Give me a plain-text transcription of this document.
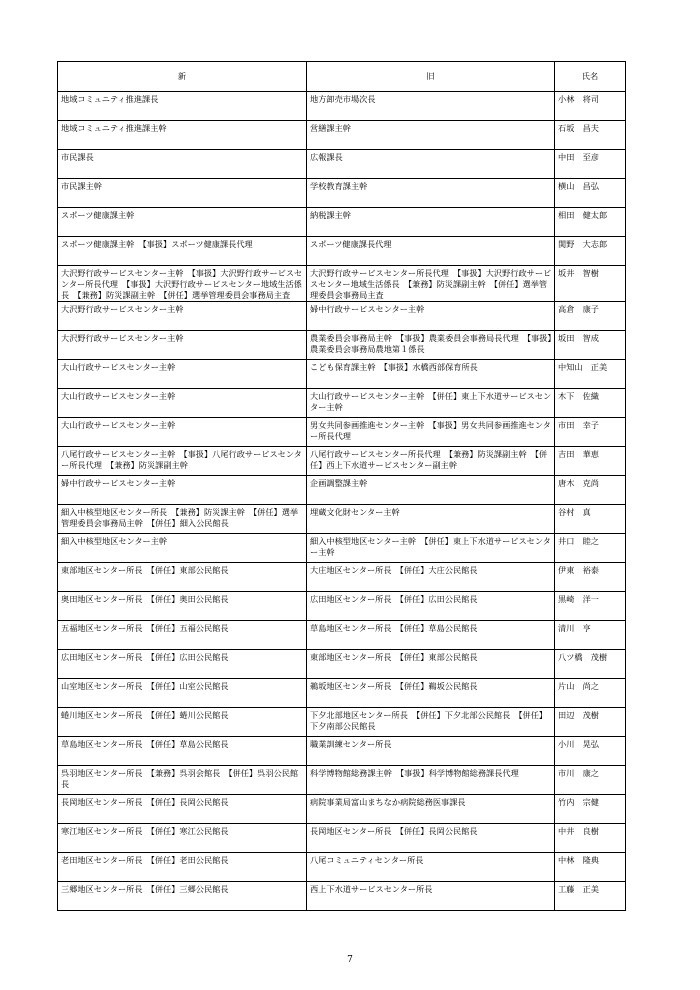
新	旧	氏名
地域コミュニティ推進課長	地方卸売市場次長	小林　将司
地域コミュニティ推進課主幹	営繕課主幹	石坂　昌夫
市民課長	広報課長	中田　至彦
市民課主幹	学校教育課主幹	横山　昌弘
スポーツ健康課主幹	納税課主幹	相田　健太郎
スポーツ健康課主幹　【事扱】スポーツ健康課長代理	スポーツ健康課長代理	関野　大志郎
大沢野行政サービスセンター主幹　【事扱】大沢野行政サービスセンター所長代理　【事扱】大沢野行政サービスセンター地域生活係長　【兼務】防災課副主幹　【併任】選挙管理委員会事務局主査	大沢野行政サービスセンター所長代理　【事扱】大沢野行政サービスセンター地域生活係長　【兼務】防災課副主幹　【併任】選挙管理委員会事務局主査	坂井　智樹
大沢野行政サービスセンター主幹	婦中行政サービスセンター主幹	高倉　康子
大沢野行政サービスセンター主幹	農業委員会事務局主幹　【事扱】農業委員会事務局長代理　【事扱】農業委員会事務局農地第１係長	坂田　智成
大山行政サービスセンター主幹	こども保育課主幹　【事扱】水橋西部保育所長	中知山　正美
大山行政サービスセンター主幹	大山行政サービスセンター主幹　【併任】東上下水道サービスセンター主幹	木下　佐織
大山行政サービスセンター主幹	男女共同参画推進センター主幹　【事扱】男女共同参画推進センター所長代理	市田　幸子
八尾行政サービスセンター主幹　【事扱】八尾行政サービスセンター所長代理　【兼務】防災課副主幹	八尾行政サービスセンター所長代理　【兼務】防災課副主幹　【併任】西上下水道サービスセンター副主幹	吉田　華恵
婦中行政サービスセンター主幹	企画調整課主幹	唐木　克尚
細入中核型地区センター所長　【兼務】防災課主幹　【併任】選挙管理委員会事務局主幹　【併任】細入公民館長	埋蔵文化財センター主幹	谷村　真
細入中核型地区センター主幹	細入中核型地区センター主幹　【併任】東上下水道サービスセンター主幹	井口　睦之
東部地区センター所長　【併任】東部公民館長	大庄地区センター所長　【併任】大庄公民館長	伊東　裕泰
奥田地区センター所長　【併任】奥田公民館長	広田地区センター所長　【併任】広田公民館長	黒崎　洋一
五福地区センター所長　【併任】五福公民館長	草島地区センター所長　【併任】草島公民館長	清川　亨
広田地区センター所長　【併任】広田公民館長	東部地区センター所長　【併任】東部公民館長	八ツ橋　茂樹
山室地区センター所長　【併任】山室公民館長	鵜坂地区センター所長　【併任】鵜坂公民館長	片山　尚之
蜷川地区センター所長　【併任】蜷川公民館長	下夕北部地区センター所長　【併任】下夕北部公民館長　【併任】下夕南部公民館長	田辺　茂樹
草島地区センター所長　【併任】草島公民館長	職業訓練センター所長	小川　晃弘
呉羽地区センター所長　【兼務】呉羽会館長　【併任】呉羽公民館長	科学博物館総務課主幹　【事扱】科学博物館総務課長代理	市川　康之
長岡地区センター所長　【併任】長岡公民館長	病院事業局富山まちなか病院総務医事課長	竹内　宗健
寒江地区センター所長　【併任】寒江公民館長	長岡地区センター所長　【併任】長岡公民館長	中井　良樹
老田地区センター所長　【併任】老田公民館長	八尾コミュニティセンター所長	中林　隆典
三郷地区センター所長　【併任】三郷公民館長	西上下水道サービスセンター所長	工藤　正美
7
